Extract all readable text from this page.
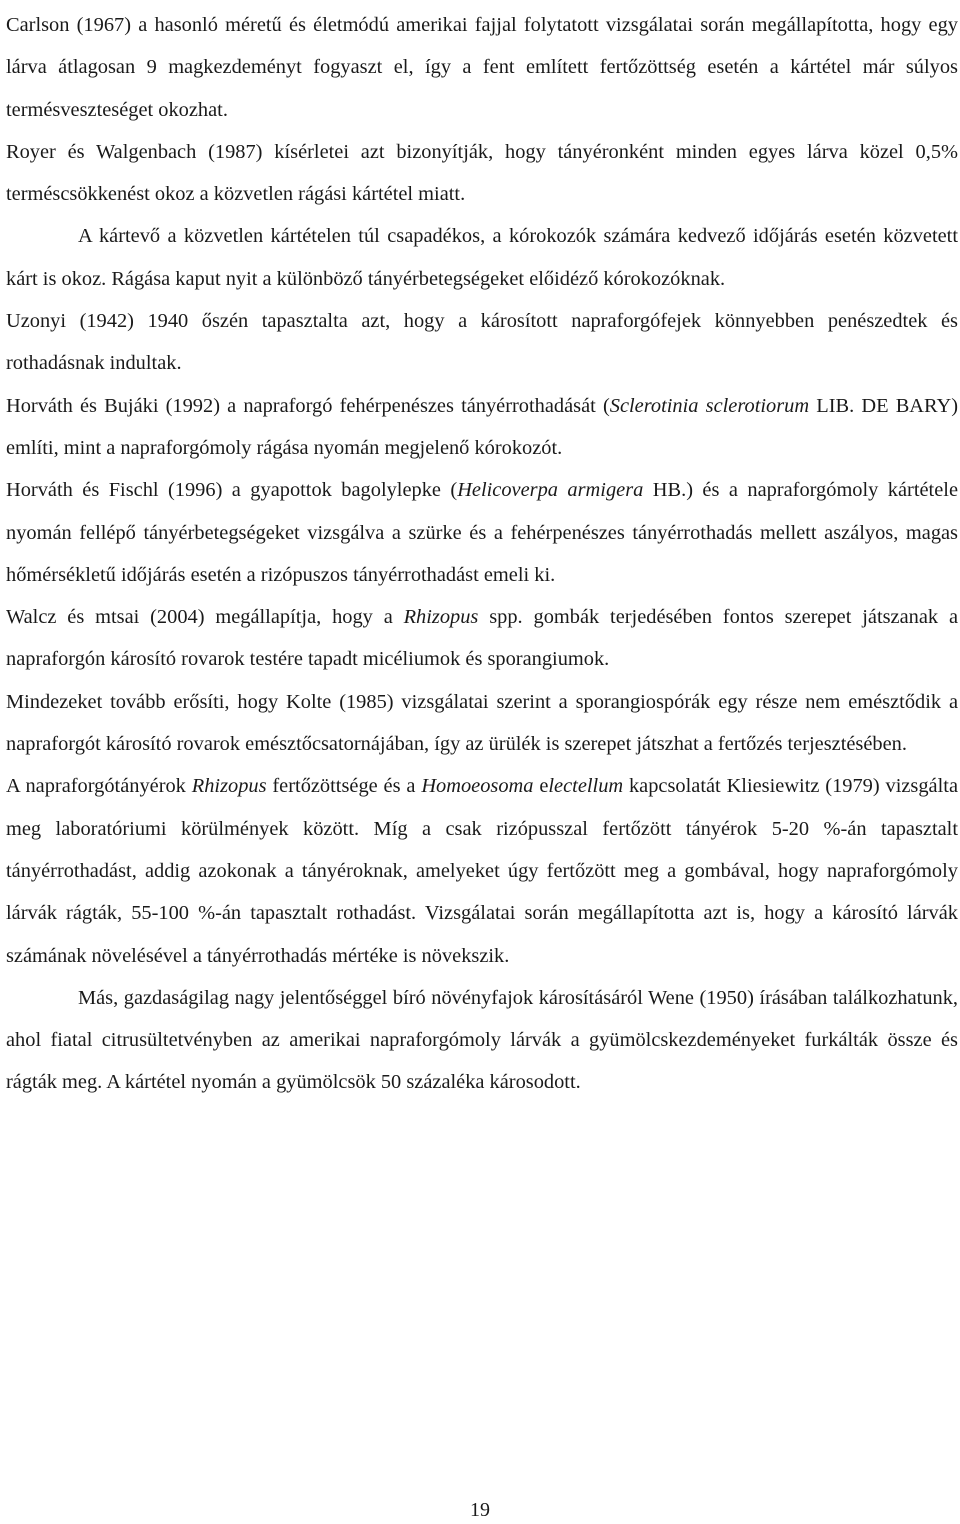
Carlson (1967) a hasonló méretű és életmódú amerikai fajjal folytatott vizsgálatai során megállapította, hogy egy lárva átlagosan 9 magkezdeményt fogyaszt el, így a fent említett fertőzöttség esetén a kártétel már súlyos termésveszteséget okozhat.

Royer és Walgenbach (1987) kísérletei azt bizonyítják, hogy tányéronként minden egyes lárva közel 0,5% terméscsökkenést okoz a közvetlen rágási kártétel miatt.

A kártevő a közvetlen kártételen túl csapadékos, a kórokozók számára kedvező időjárás esetén közvetett kárt is okoz. Rágása kaput nyit a különböző tányérbetegségeket előidéző kórokozóknak.

Uzonyi (1942) 1940 őszén tapasztalta azt, hogy a károsított napraforgófejek könnyebben penészedtek és rothadásnak indultak.

Horváth és Bujáki (1992) a napraforgó fehérpenészes tányérrothadását (Sclerotinia sclerotiorum LIB. DE BARY) említi, mint a napraforgómoly rágása nyomán megjelenő kórokozót.

Horváth és Fischl (1996) a gyapottok bagolylepke (Helicoverpa armigera HB.) és a napraforgómoly kártétele nyomán fellépő tányérbetegségeket vizsgálva a szürke és a fehérpenészes tányérrothadás mellett aszályos, magas hőmérsékletű időjárás esetén a rizópuszos tányérrothadást emeli ki.

Walcz és mtsai (2004) megállapítja, hogy a Rhizopus spp. gombák terjedésében fontos szerepet játszanak a napraforgón károsító rovarok testére tapadt micéliumok és sporangiumok.

Mindezeket tovább erősíti, hogy Kolte (1985) vizsgálatai szerint a sporangiospórák egy része nem emésztődik a napraforgót károsító rovarok emésztőcsatornájában, így az ürülék is szerepet játszhat a fertőzés terjesztésében.

A napraforgótányérok Rhizopus fertőzöttsége és a Homoeosoma electellum kapcsolatát Kliesiewitz (1979) vizsgálta meg laboratóriumi körülmények között. Míg a csak rizópusszal fertőzött tányérok 5-20 %-án tapasztalt tányérrothadást, addig azokonak a tányéroknak, amelyeket úgy fertőzött meg a gombával, hogy napraforgómoly lárvák rágták, 55-100 %-án tapasztalt rothadást. Vizsgálatai során megállapította azt is, hogy a károsító lárvák számának növelésével a tányérrothadás mértéke is növekszik.

Más, gazdaságilag nagy jelentőséggel bíró növényfajok károsításáról Wene (1950) írásában találkozhatunk, ahol fiatal citrusültetvényben az amerikai napraforgómoly lárvák a gyümölcskezdeményeket furkálták össze és rágták meg. A kártétel nyomán a gyümölcsök 50 százaléka károsodott.

19
